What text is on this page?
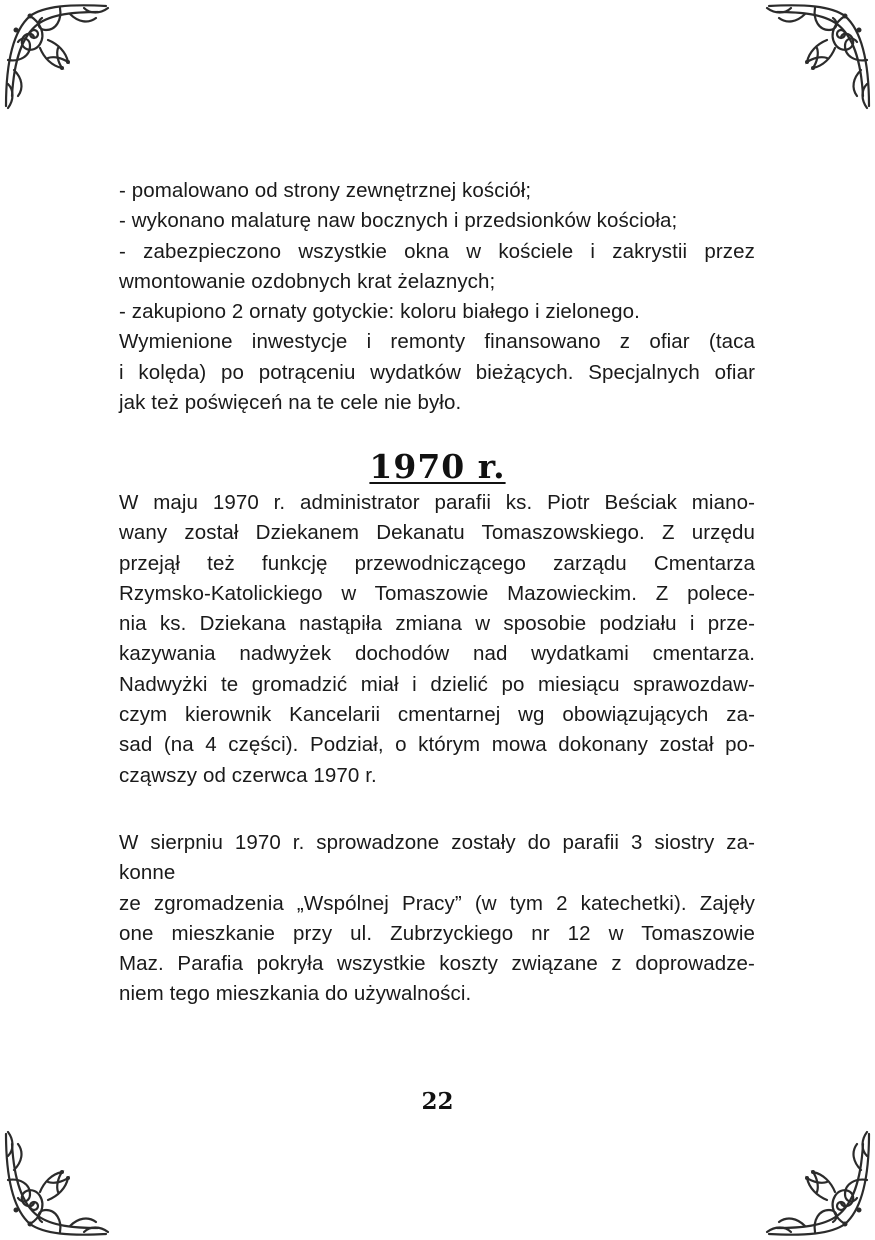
- pomalowano od strony zewnętrznej kościół;
- wykonano malaturę naw bocznych i przedsionków kościoła;
- zabezpieczono wszystkie okna w kościele i zakrystii przez
wmontowanie ozdobnych krat żelaznych;
- zakupiono 2 ornaty gotyckie: koloru białego i zielonego.
Wymienione inwestycje i remonty finansowano z ofiar (taca
i kolęda) po potrąceniu wydatków bieżących. Specjalnych ofiar
jak też poświęceń na te cele nie było.
1970 r.
W maju 1970 r. administrator parafii ks. Piotr Beściak miano-
wany został Dziekanem Dekanatu Tomaszowskiego. Z urzędu
przejął też funkcję przewodniczącego zarządu Cmentarza
Rzymsko-Katolickiego w Tomaszowie Mazowieckim. Z polece-
nia ks. Dziekana nastąpiła zmiana w sposobie podziału i prze-
kazywania nadwyżek dochodów nad wydatkami cmentarza.
Nadwyżki te gromadzić miał i dzielić po miesiącu sprawozdaw-
czym kierownik Kancelarii cmentarnej wg obowiązujących za-
sad (na 4 części). Podział, o którym mowa dokonany został po-
cząwszy od czerwca 1970 r.
W sierpniu 1970 r. sprowadzone zostały do parafii 3 siostry za-
konne
ze zgromadzenia „Wspólnej Pracy” (w tym 2 katechetki). Zajęły
one mieszkanie przy ul. Zubrzyckiego nr 12 w Tomaszowie
Maz. Parafia pokryła wszystkie koszty związane z doprowadze-
niem tego mieszkania do używalności.
22
